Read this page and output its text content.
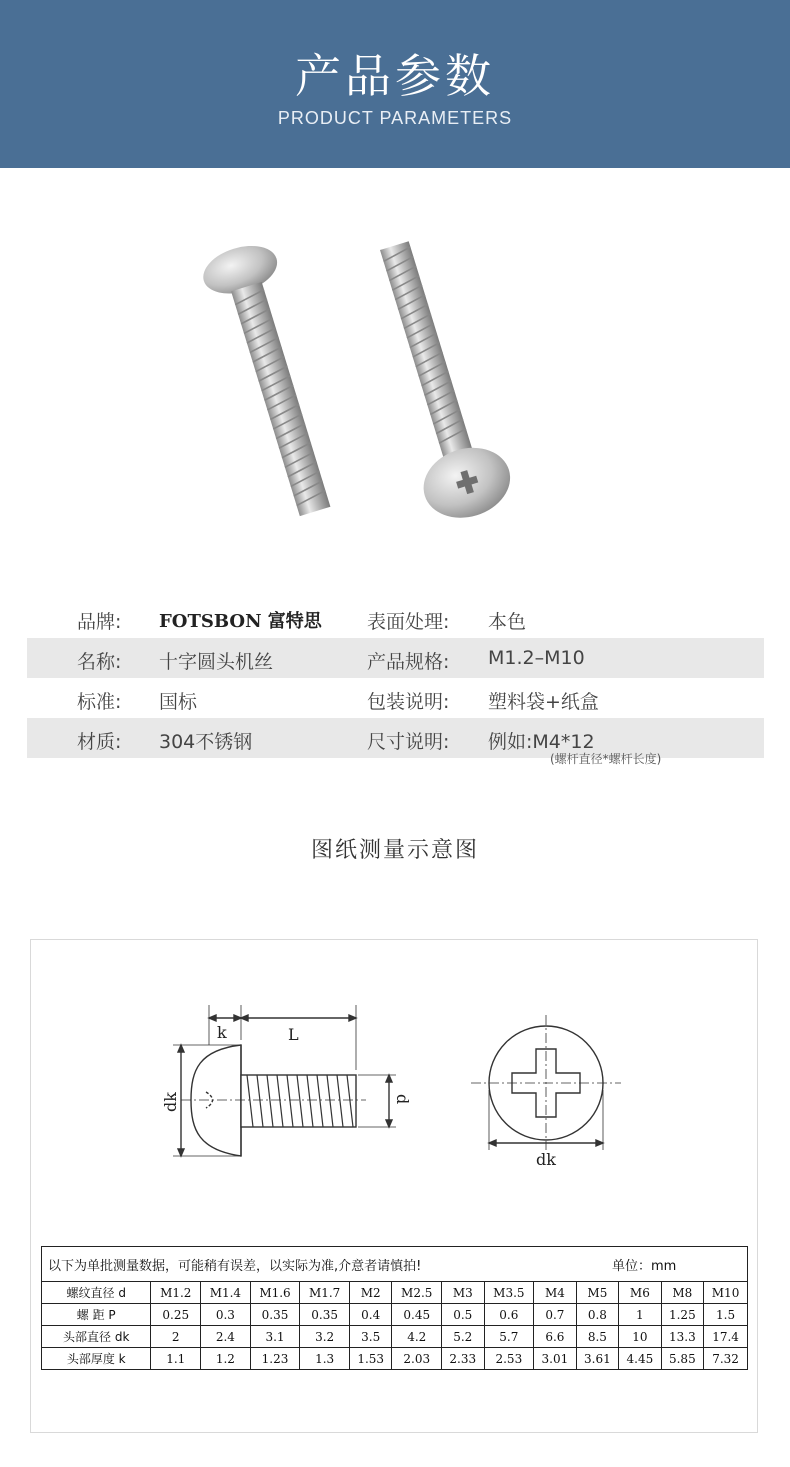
产品参数
PRODUCT PARAMETERS
品牌: FOTSBON 富特思 表面处理: 本色
名称: 十字圆头机丝	产品规格: M1.2–M10
标准: 国标	包装说明: 塑料袋+纸盒
材质: 304不锈钢	尺寸说明: 例如:M4*12
(螺杆直径*螺杆长度)
图纸测量示意图
k	L
dk	d
dk
以下为单批测量数据，可能稍有误差，以实际为准,介意者请慎拍! 单位：mm													

螺纹直径 d	M1.2	M1.4	M1.6	M1.7	M2	M2.5	M3	M3.5	M4	M5	M6	M8	M10
螺 距 P	0.25	0.3	0.35	0.35	0.4	0.45	0.5	0.6	0.7	0.8	1	1.25	1.5
头部直径 dk	2	2.4	3.1	3.2	3.5	4.2	5.2	5.7	6.6	8.5	10	13.3	17.4
头部厚度 k	1.1	1.2	1.23	1.3	1.53	2.03	2.33	2.53	3.01	3.61	4.45	5.85	7.32
